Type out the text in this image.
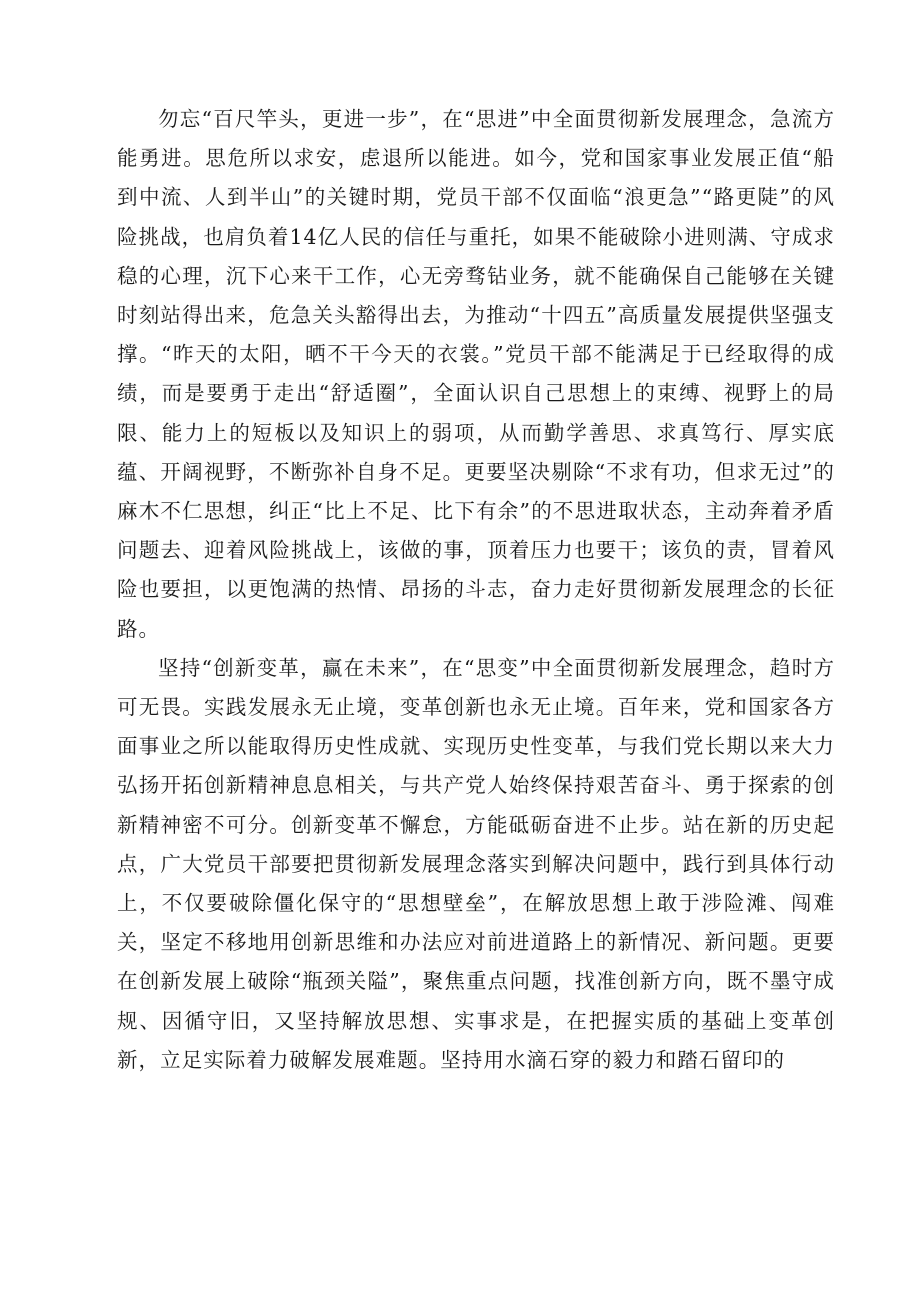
勿忘“百尺竿头，更进一步”，在“思进”中全面贯彻新发展理念，急流方能勇进。思危所以求安，虑退所以能进。如今，党和国家事业发展正值“船到中流、人到半山”的关键时期，党员干部不仅面临“浪更急”“路更陡”的风险挑战，也肩负着14亿人民的信任与重托，如果不能破除小进则满、守成求稳的心理，沉下心来干工作，心无旁骛钻业务，就不能确保自己能够在关键时刻站得出来，危急关头豁得出去，为推动“十四五”高质量发展提供坚强支撑。“昨天的太阳，晒不干今天的衣裳。”党员干部不能满足于已经取得的成绩，而是要勇于走出“舒适圈”，全面认识自己思想上的束缚、视野上的局限、能力上的短板以及知识上的弱项，从而勤学善思、求真笃行、厚实底蕴、开阔视野，不断弥补自身不足。更要坚决剔除“不求有功，但求无过”的麻木不仁思想，纠正“比上不足、比下有余”的不思进取状态，主动奔着矛盾问题去、迎着风险挑战上，该做的事，顶着压力也要干；该负的责，冒着风险也要担，以更饱满的热情、昂扬的斗志，奋力走好贯彻新发展理念的长征路。

坚持“创新变革，赢在未来”，在“思变”中全面贯彻新发展理念，趋时方可无畏。实践发展永无止境，变革创新也永无止境。百年来，党和国家各方面事业之所以能取得历史性成就、实现历史性变革，与我们党长期以来大力弘扬开拓创新精神息息相关，与共产党人始终保持艰苦奋斗、勇于探索的创新精神密不可分。创新变革不懈怠，方能砥砺奋进不止步。站在新的历史起点，广大党员干部要把贯彻新发展理念落实到解决问题中，践行到具体行动上，不仅要破除僵化保守的“思想壁垒”，在解放思想上敢于涉险滩、闯难关，坚定不移地用创新思维和办法应对前进道路上的新情况、新问题。更要在创新发展上破除“瓶颈关隘”，聚焦重点问题，找准创新方向，既不墨守成规、因循守旧，又坚持解放思想、实事求是，在把握实质的基础上变革创新，立足实际着力破解发展难题。坚持用水滴石穿的毅力和踏石留印的
